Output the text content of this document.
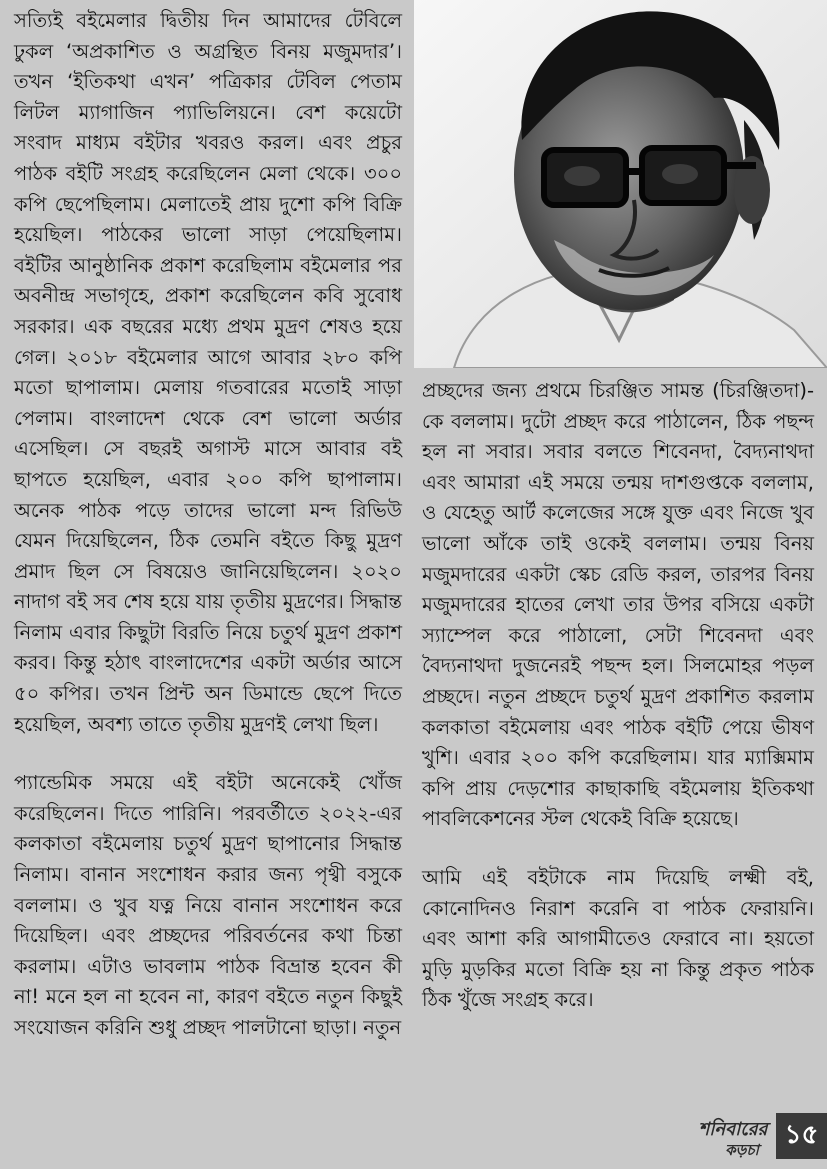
সত্যিই বইমেলার দ্বিতীয় দিন আমাদের টেবিলে ঢুকল ‘অপ্রকাশিত ও অগ্রন্থিত বিনয় মজুমদার’। তখন ‘ইতিকথা এখন’ পত্রিকার টেবিল পেতাম লিটল ম্যাগাজিন প্যাভিলিয়নে। বেশ কয়েটো সংবাদ মাধ্যম বইটার খবরও করল। এবং প্রচুর পাঠক বইটি সংগ্রহ করেছিলেন মেলা থেকে। ৩০০ কপি ছেপেছিলাম। মেলাতেই প্রায় দুশো কপি বিক্রি হয়েছিল। পাঠকের ভালো সাড়া পেয়েছিলাম। বইটির আনুষ্ঠানিক প্রকাশ করেছিলাম বইমেলার পর অবনীন্দ্র সভাগৃহে, প্রকাশ করেছিলেন কবি সুবোধ সরকার। এক বছরের মধ্যে প্রথম মুদ্রণ শেষও হয়ে গেল। ২০১৮ বইমেলার আগে আবার ২৮০ কপি মতো ছাপালাম। মেলায় গতবারের মতোই সাড়া পেলাম। বাংলাদেশ থেকে বেশ ভালো অর্ডার এসেছিল। সে বছরই অগাস্ট মাসে আবার বই ছাপতে হয়েছিল, এবার ২০০ কপি ছাপালাম। অনেক পাঠক পড়ে তাদের ভালো মন্দ রিভিউ যেমন দিয়েছিলেন, ঠিক তেমনি বইতে কিছু মুদ্রণ প্রমাদ ছিল সে বিষয়েও জানিয়েছিলেন। ২০২০ নাদাগ বই সব শেষ হয়ে যায় তৃতীয় মুদ্রণের। সিদ্ধান্ত নিলাম এবার কিছুটা বিরতি নিয়ে চতুর্থ মুদ্রণ প্রকাশ করব। কিন্তু হঠাৎ বাংলাদেশের একটা অর্ডার আসে ৫০ কপির। তখন প্রিন্ট অন ডিমান্ডে ছেপে দিতে হয়েছিল, অবশ্য তাতে তৃতীয় মুদ্রণই লেখা ছিল।

প্যান্ডেমিক সময়ে এই বইটা অনেকেই খোঁজ করেছিলেন। দিতে পারিনি। পরবর্তীতে ২০২২-এর কলকাতা বইমেলায় চতুর্থ মুদ্রণ ছাপানোর সিদ্ধান্ত নিলাম। বানান সংশোধন করার জন্য পৃথ্বী বসুকে বললাম। ও খুব যত্ন নিয়ে বানান সংশোধন করে দিয়েছিল। এবং প্রচ্ছদের পরিবর্তনের কথা চিন্তা করলাম। এটাও ভাবলাম পাঠক বিভ্রান্ত হবেন কী না! মনে হল না হবেন না, কারণ বইতে নতুন কিছুই সংযোজন করিনি শুধু প্রচ্ছদ পালটানো ছাড়া। নতুন

প্রচ্ছদের জন্য প্রথমে চিরঞ্জিত সামন্ত (চিরঞ্জিতদা)-কে বললাম। দুটো প্রচ্ছদ করে পাঠালেন, ঠিক পছন্দ হল না সবার। সবার বলতে শিবেনদা, বৈদ্যনাথদা এবং আমারা এই সময়ে তন্ময় দাশগুপ্তকে বললাম, ও যেহেতু আর্ট কলেজের সঙ্গে যুক্ত এবং নিজে খুব ভালো আঁকে তাই ওকেই বললাম। তন্ময় বিনয় মজুমদারের একটা স্কেচ রেডি করল, তারপর বিনয় মজুমদারের হাতের লেখা তার উপর বসিয়ে একটা স্যাম্পেল করে পাঠালো, সেটা শিবেনদা এবং বৈদ্যনাথদা দুজনেরই পছন্দ হল। সিলমোহর পড়ল প্রচ্ছদে। নতুন প্রচ্ছদে চতুর্থ মুদ্রণ প্রকাশিত করলাম কলকাতা বইমেলায় এবং পাঠক বইটি পেয়ে ভীষণ খুশি। এবার ২০০ কপি করেছিলাম। যার ম্যাক্সিমাম কপি প্রায় দেড়শোর কাছাকাছি বইমেলায় ইতিকথা পাবলিকেশনের স্টল থেকেই বিক্রি হয়েছে।

আমি এই বইটাকে নাম দিয়েছি লক্ষ্মী বই, কোনোদিনও নিরাশ করেনি বা পাঠক ফেরায়নি। এবং আশা করি আগামীতেও ফেরাবে না। হয়তো মুড়ি মুড়কির মতো বিক্রি হয় না কিন্তু প্রকৃত পাঠক ঠিক খুঁজে সংগ্রহ করে।

শনিবারের
কড়চা ১৫
